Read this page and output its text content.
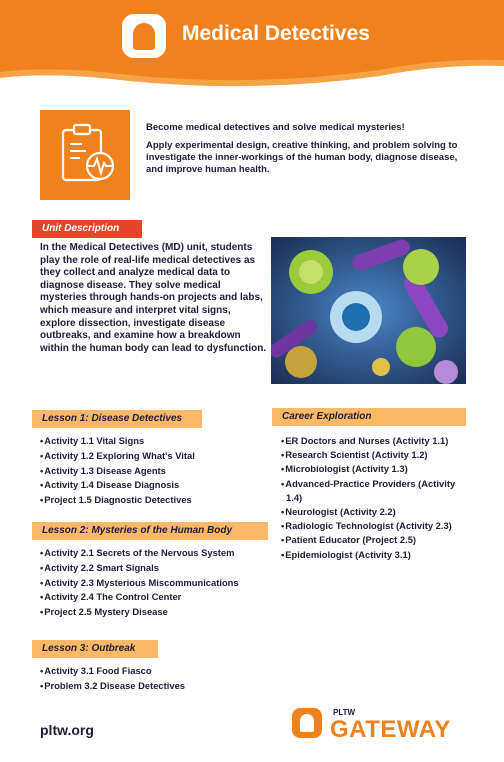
Medical Detectives

Become medical detectives and solve medical mysteries!

Apply experimental design, creative thinking, and problem solving to investigate the inner-workings of the human body, diagnose disease, and improve human health.

Unit Description
In the Medical Detectives (MD) unit, students play the role of real-life medical detectives as they collect and analyze medical data to diagnose disease. They solve medical mysteries through hands-on projects and labs, which measure and interpret vital signs, explore dissection, investigate disease outbreaks, and examine how a breakdown within the human body can lead to dysfunction.
Lesson 1: Disease Detectives
• Activity 1.1 Vital Signs
• Activity 1.2 Exploring What's Vital
• Activity 1.3 Disease Agents
• Activity 1.4 Disease Diagnosis
• Project 1.5 Diagnostic Detectives
Lesson 2: Mysteries of the Human Body
• Activity 2.1 Secrets of the Nervous System
• Activity 2.2 Smart Signals
• Activity 2.3 Mysterious Miscommunications
• Activity 2.4 The Control Center
• Project 2.5 Mystery Disease
Lesson 3: Outbreak
• Activity 3.1 Food Fiasco
• Problem 3.2 Disease Detectives
Career Exploration
• ER Doctors and Nurses (Activity 1.1)
• Research Scientist (Activity 1.2)
• Microbiologist (Activity 1.3)
• Advanced-Practice Providers (Activity 1.4)
• Neurologist (Activity 2.2)
• Radiologic Technologist (Activity 2.3)
• Patient Educator (Project 2.5)
• Epidemiologist (Activity 3.1)
pltw.org
PLTW
GATEWAY
